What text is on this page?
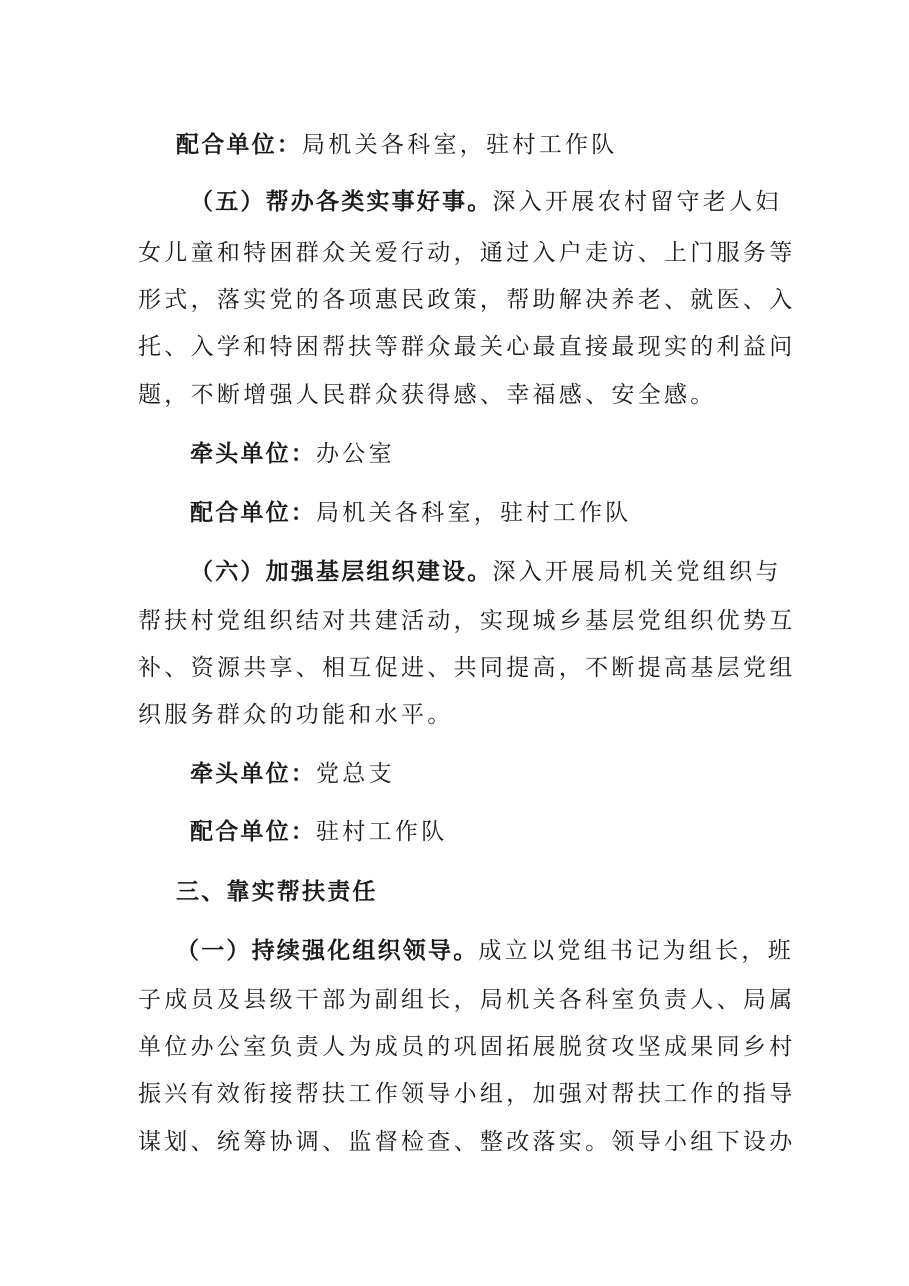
配合单位：局机关各科室，驻村工作队
（五）帮办各类实事好事。深入开展农村留守老人妇
女儿童和特困群众关爱行动，通过入户走访、上门服务等
形式，落实党的各项惠民政策，帮助解决养老、就医、入
托、入学和特困帮扶等群众最关心最直接最现实的利益问
题，不断增强人民群众获得感、幸福感、安全感。
牵头单位：办公室
配合单位：局机关各科室，驻村工作队
（六）加强基层组织建设。深入开展局机关党组织与
帮扶村党组织结对共建活动，实现城乡基层党组织优势互
补、资源共享、相互促进、共同提高，不断提高基层党组
织服务群众的功能和水平。
牵头单位：党总支
配合单位：驻村工作队
三、靠实帮扶责任
（一）持续强化组织领导。成立以党组书记为组长，班
子成员及县级干部为副组长，局机关各科室负责人、局属
单位办公室负责人为成员的巩固拓展脱贫攻坚成果同乡村
振兴有效衔接帮扶工作领导小组，加强对帮扶工作的指导
谋划、统筹协调、监督检查、整改落实。领导小组下设办
